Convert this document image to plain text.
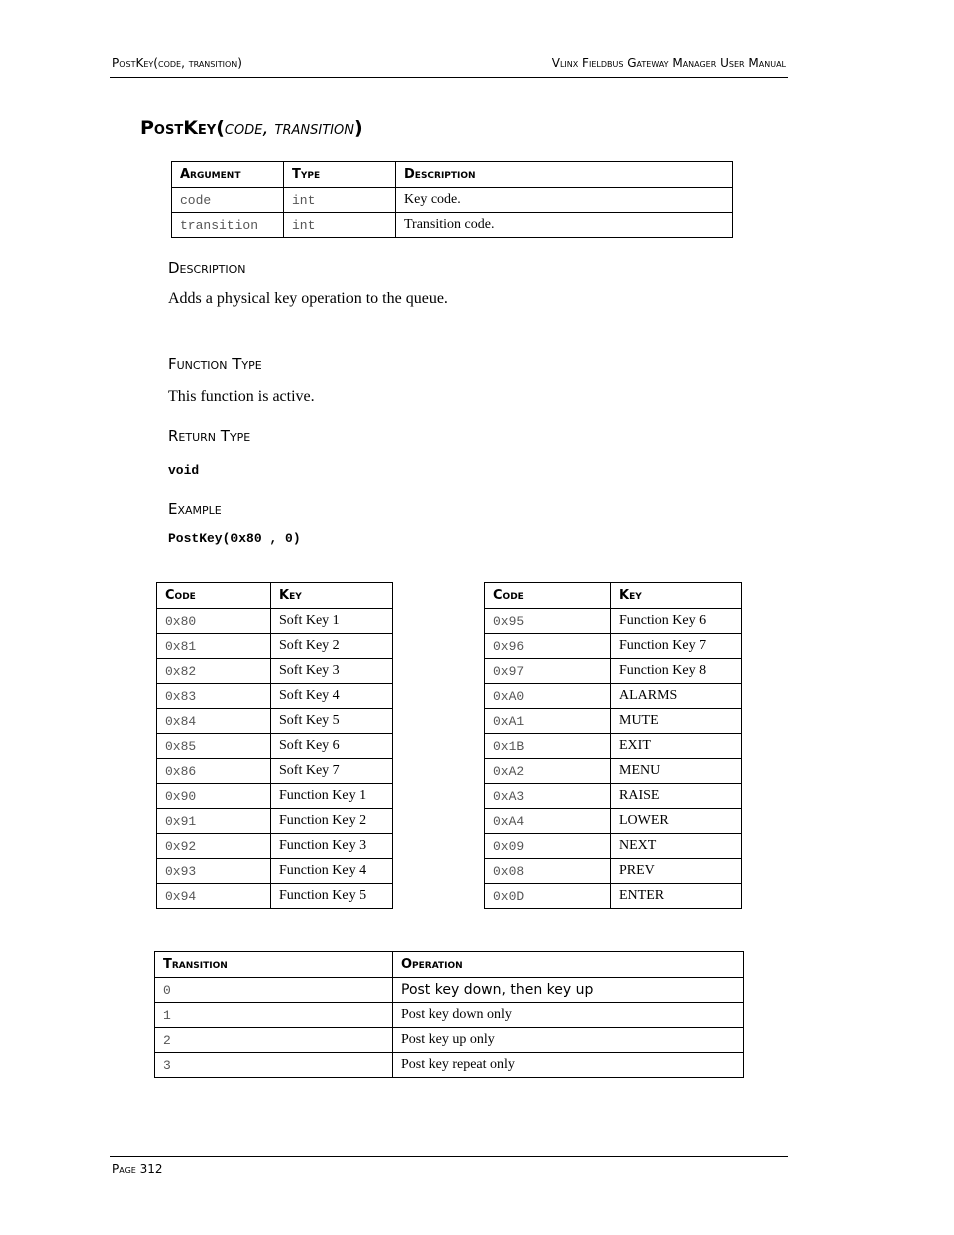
PostKey(code, transition)	Vlinx Fieldbus Gateway Manager User Manual
PostKey(code, transition)
Argument	Type	Description
code	int	Key code.
transition	int	Transition code.
Description
Adds a physical key operation to the queue.
Function Type
This function is active.
Return Type
void
Example
PostKey(0x80 , 0)
Code	Key
0x80	Soft Key 1
0x81	Soft Key 2
0x82	Soft Key 3
0x83	Soft Key 4
0x84	Soft Key 5
0x85	Soft Key 6
0x86	Soft Key 7
0x90	Function Key 1
0x91	Function Key 2
0x92	Function Key 3
0x93	Function Key 4
0x94	Function Key 5
Code	Key
0x95	Function Key 6
0x96	Function Key 7
0x97	Function Key 8
0xA0	ALARMS
0xA1	MUTE
0x1B	EXIT
0xA2	MENU
0xA3	RAISE
0xA4	LOWER
0x09	NEXT
0x08	PREV
0x0D	ENTER
Transition	Operation
0	Post key down, then key up
1	Post key down only
2	Post key up only
3	Post key repeat only
Page 312
